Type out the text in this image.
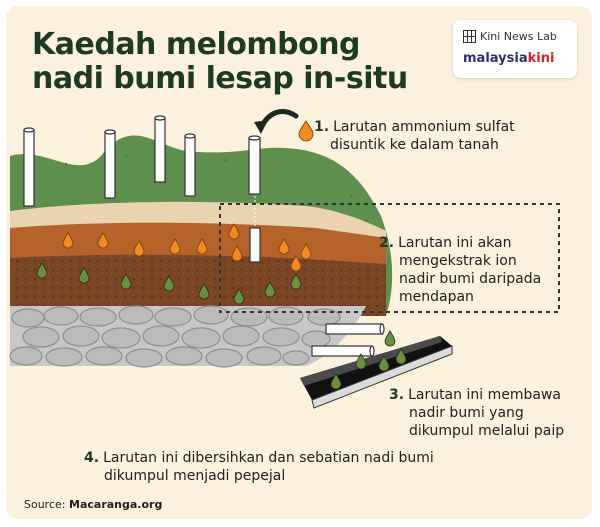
Kaedah melombong
nadi bumi lesap in-situ
Kini News Lab
malaysiakini
1. Larutan ammonium sulfat
disuntik ke dalam tanah
2. Larutan ini akan
mengekstrak ion
nadir bumi daripada
mendapan
3. Larutan ini membawa
nadir bumi yang
dikumpul melalui paip
4. Larutan ini dibersihkan dan sebatian nadi bumi
dikumpul menjadi pepejal
Source: Macaranga.org
